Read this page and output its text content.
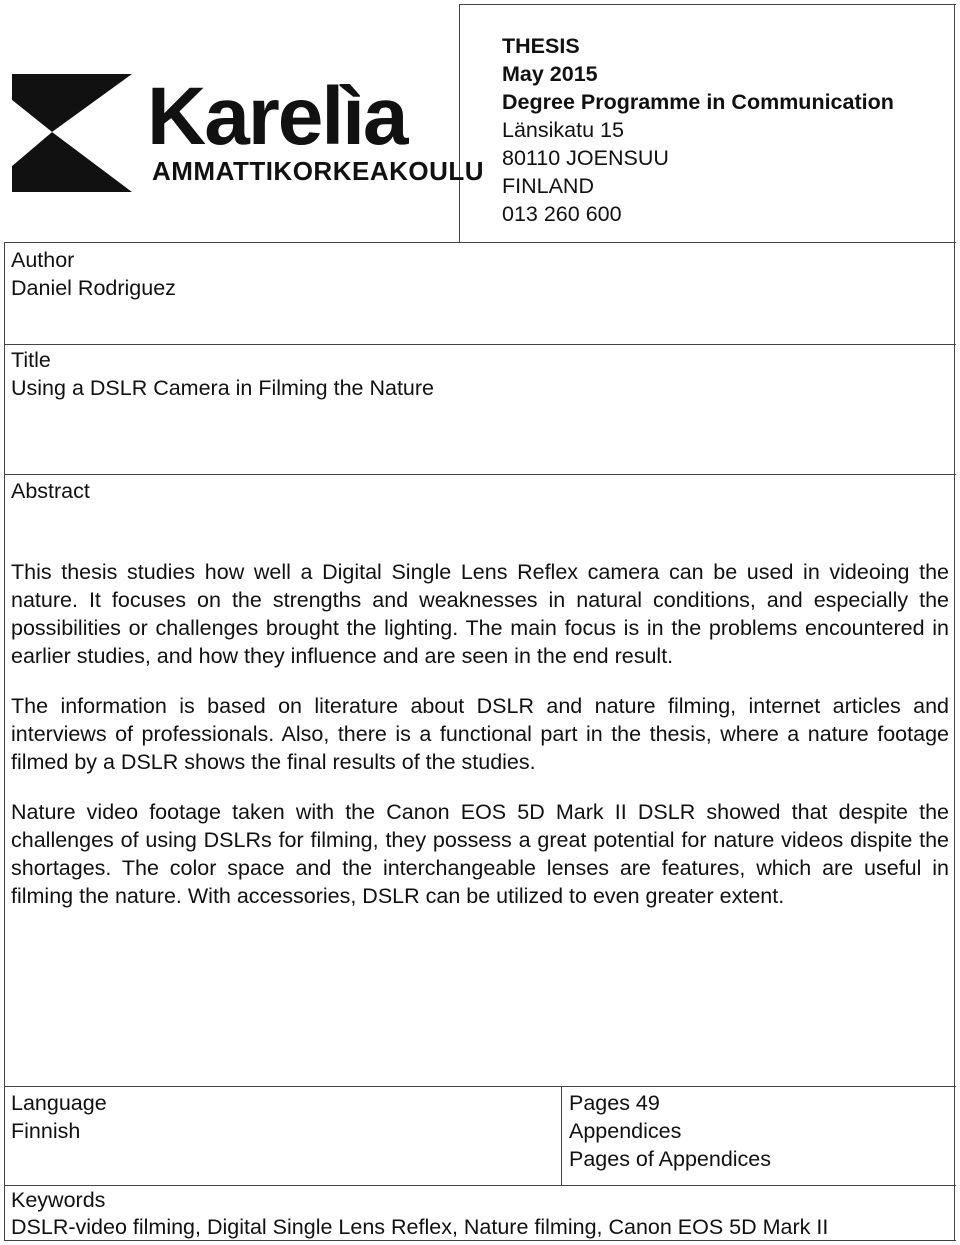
Karelìa
AMMATTIKORKEAKOULU
THESIS
May 2015
Degree Programme in Communication
Länsikatu 15
80110 JOENSUU
FINLAND
013 260 600
Author
Daniel Rodriguez
Title
Using a DSLR Camera in Filming the Nature
Abstract

This thesis studies how well a Digital Single Lens Reflex camera can be used in videoing the nature. It focuses on the strengths and weaknesses in natural conditions, and especially the possibilities or challenges brought the lighting. The main focus is in the problems encountered in earlier studies, and how they influence and are seen in the end result.

The information is based on literature about DSLR and nature filming, internet articles and interviews of professionals. Also, there is a functional part in the thesis, where a nature footage filmed by a DSLR shows the final results of the studies.

Nature video footage taken with the Canon EOS 5D Mark II DSLR showed that despite the challenges of using DSLRs for filming, they possess a great potential for nature videos dispite the shortages. The color space and the interchangeable lenses are features, which are useful in filming the nature. With accessories, DSLR can be utilized to even greater extent.

Language
Finnish
Pages 49
Appendices
Pages of Appendices
Keywords
DSLR-video filming, Digital Single Lens Reflex, Nature filming, Canon EOS 5D Mark II
